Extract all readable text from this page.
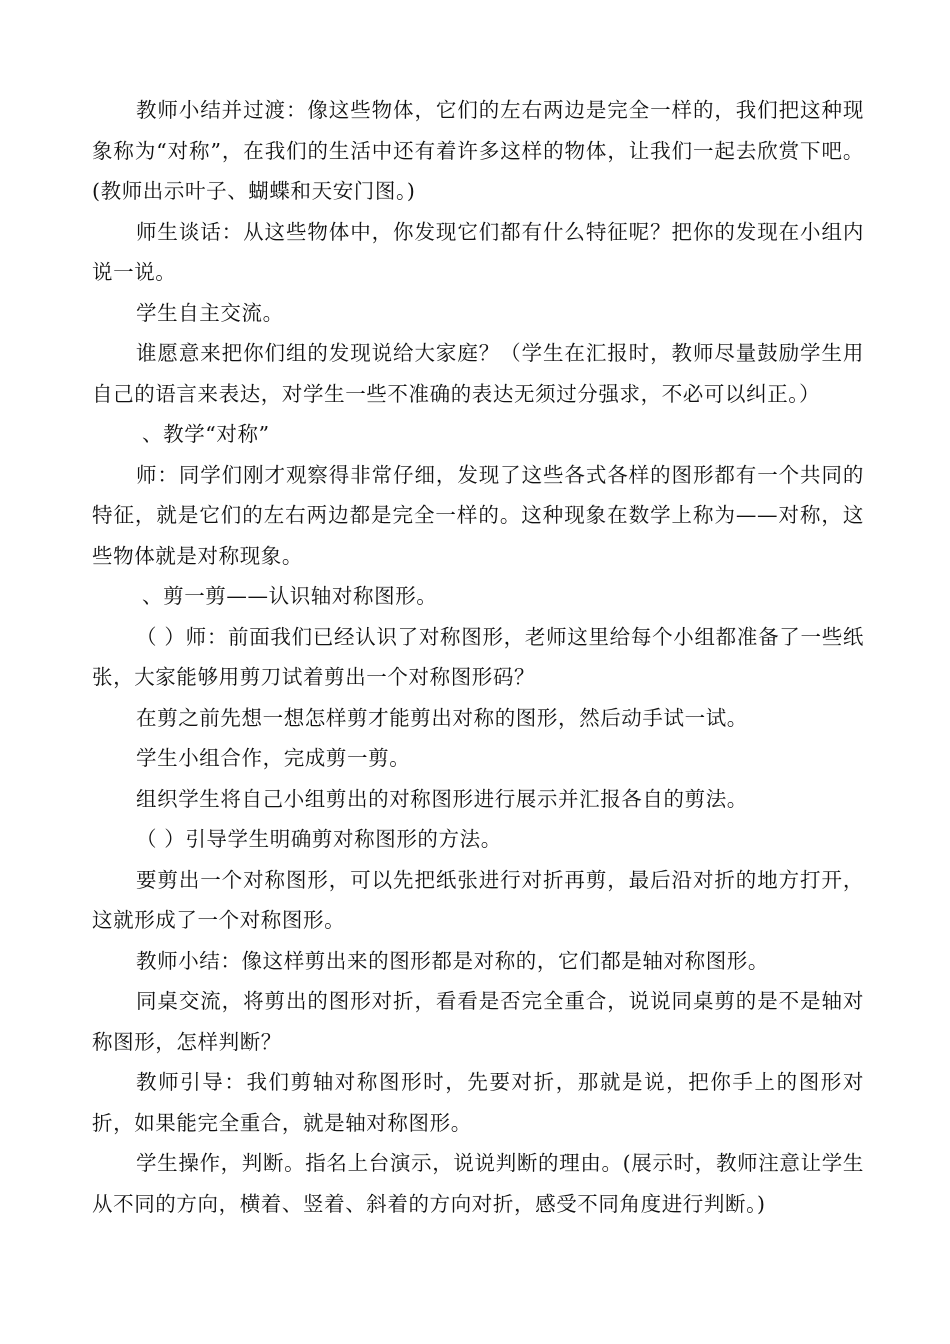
教师小结并过渡：像这些物体，它们的左右两边是完全一样的，我们把这种现象称为“对称”，在我们的生活中还有着许多这样的物体，让我们一起去欣赏下吧。(教师出示叶子、蝴蝶和天安门图。)

师生谈话：从这些物体中，你发现它们都有什么特征呢？把你的发现在小组内说一说。

学生自主交流。

谁愿意来把你们组的发现说给大家庭？（学生在汇报时，教师尽量鼓励学生用自己的语言来表达，对学生一些不准确的表达无须过分强求，不必可以纠正。）

、教学“对称”

师：同学们刚才观察得非常仔细，发现了这些各式各样的图形都有一个共同的特征，就是它们的左右两边都是完全一样的。这种现象在数学上称为——对称，这些物体就是对称现象。

、剪一剪——认识轴对称图形。

（ ）师：前面我们已经认识了对称图形，老师这里给每个小组都准备了一些纸张，大家能够用剪刀试着剪出一个对称图形码？

在剪之前先想一想怎样剪才能剪出对称的图形，然后动手试一试。

学生小组合作，完成剪一剪。

组织学生将自己小组剪出的对称图形进行展示并汇报各自的剪法。

（ ）引导学生明确剪对称图形的方法。

要剪出一个对称图形，可以先把纸张进行对折再剪，最后沿对折的地方打开，这就形成了一个对称图形。

教师小结：像这样剪出来的图形都是对称的，它们都是轴对称图形。

同桌交流，将剪出的图形对折，看看是否完全重合，说说同桌剪的是不是轴对称图形，怎样判断？

教师引导：我们剪轴对称图形时，先要对折，那就是说，把你手上的图形对折，如果能完全重合，就是轴对称图形。

学生操作，判断。指名上台演示，说说判断的理由。(展示时，教师注意让学生从不同的方向，横着、竖着、斜着的方向对折，感受不同角度进行判断。)
